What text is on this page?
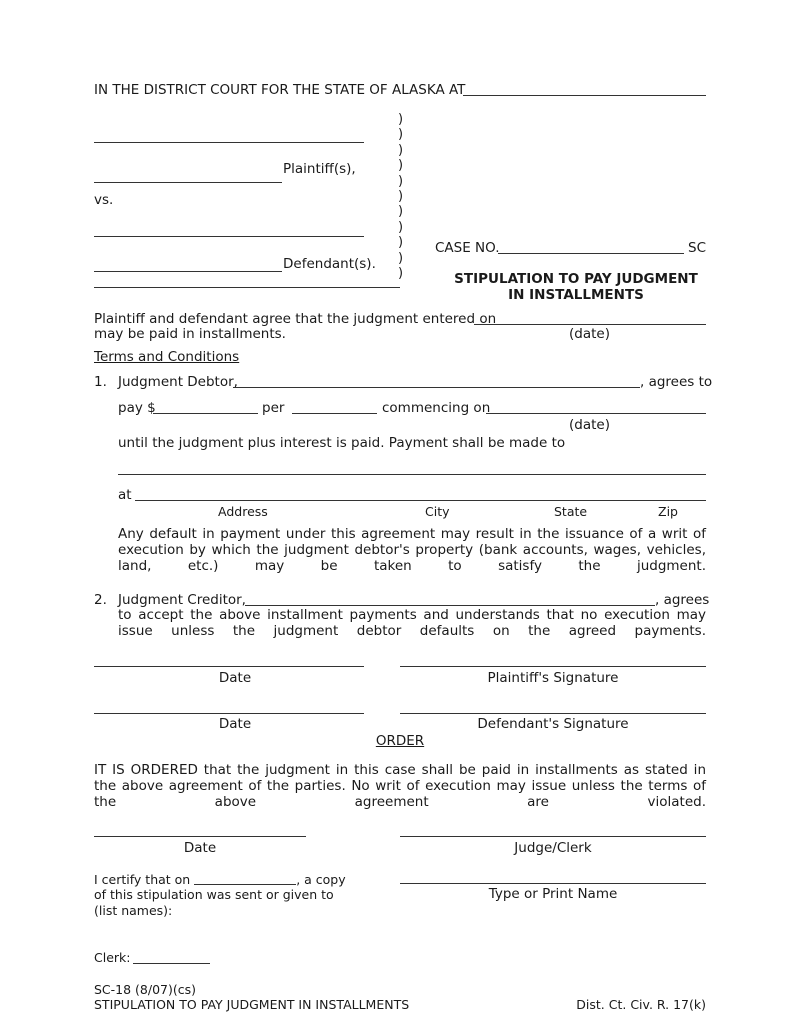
IN THE DISTRICT COURT FOR THE STATE OF ALASKA AT
Plaintiff(s),
vs.
Defendant(s).
)
)
)
)
)
)
)
)
)
)
)
CASE NO.	SC
STIPULATION TO PAY JUDGMENT
IN INSTALLMENTS
Plaintiff and defendant agree that the judgment entered on
may be paid in installments.	(date)
Terms and Conditions
1. Judgment Debtor,	, agrees to
pay $	per	commencing on
(date)
until the judgment plus interest is paid. Payment shall be made to
at
Address	City	State	Zip
Any default in payment under this agreement may result in the issuance of a writ of execution by which the judgment debtor's property (bank accounts, wages, vehicles, land, etc.) may be taken to satisfy the judgment.
2. Judgment Creditor,	, agrees
to accept the above installment payments and understands that no execution may issue unless the judgment debtor defaults on the agreed payments.
Date	Plaintiff's Signature
Date	Defendant's Signature
ORDER
IT IS ORDERED that the judgment in this case shall be paid in installments as stated in the above agreement of the parties. No writ of execution may issue unless the terms of the above agreement are violated.
Date	Judge/Clerk
I certify that on	, a copy
of this stipulation was sent or given to
(list names):
Type or Print Name
Clerk:
SC-18 (8/07)(cs)
STIPULATION TO PAY JUDGMENT IN INSTALLMENTS	Dist. Ct. Civ. R. 17(k)
